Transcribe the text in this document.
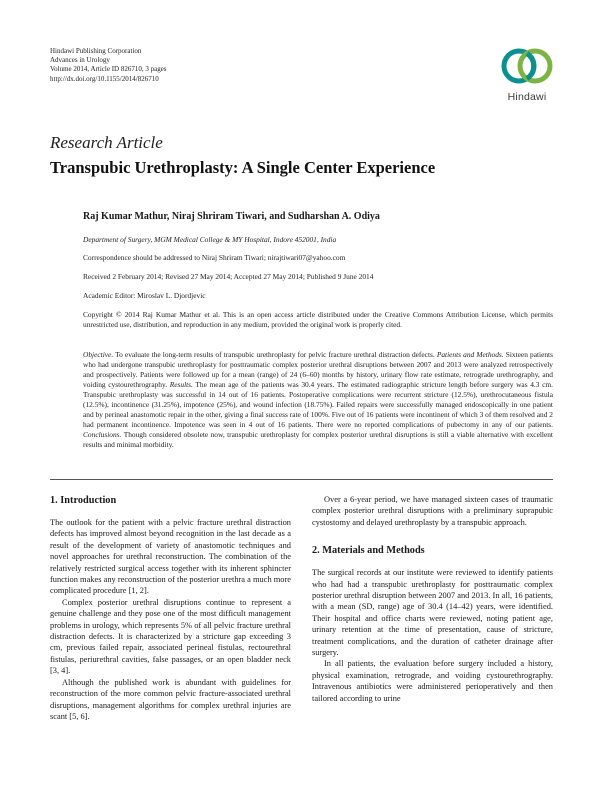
Hindawi Publishing Corporation
Advances in Urology
Volume 2014, Article ID 826710, 3 pages
http://dx.doi.org/10.1155/2014/826710
Hindawi
Research Article
Transpubic Urethroplasty: A Single Center Experience
Raj Kumar Mathur, Niraj Shriram Tiwari, and Sudharshan A. Odiya
Department of Surgery, MGM Medical College & MY Hospital, Indore 452001, India
Correspondence should be addressed to Niraj Shriram Tiwari; nirajtiwari07@yahoo.com
Received 2 February 2014; Revised 27 May 2014; Accepted 27 May 2014; Published 9 June 2014
Academic Editor: Miroslav L. Djordjevic
Copyright © 2014 Raj Kumar Mathur et al. This is an open access article distributed under the Creative Commons Attribution License, which permits unrestricted use, distribution, and reproduction in any medium, provided the original work is properly cited.
Objective. To evaluate the long-term results of transpubic urethroplasty for pelvic fracture urethral distraction defects. Patients and Methods. Sixteen patients who had undergone transpubic urethroplasty for posttraumatic complex posterior urethral disruptions between 2007 and 2013 were analyzed retrospectively and prospectively. Patients were followed up for a mean (range) of 24 (6–60) months by history, urinary flow rate estimate, retrograde urethrography, and voiding cystourethrography. Results. The mean age of the patients was 30.4 years. The estimated radiographic stricture length before surgery was 4.3 cm. Transpubic urethroplasty was successful in 14 out of 16 patients. Postoperative complications were recurrent stricture (12.5%), urethrocutaneous fistula (12.5%), incontinence (31.25%), impotence (25%), and wound infection (18.75%). Failed repairs were successfully managed endoscopically in one patient and by perineal anastomotic repair in the other, giving a final success rate of 100%. Five out of 16 patients were incontinent of which 3 of them resolved and 2 had permanent incontinence. Impotence was seen in 4 out of 16 patients. There were no reported complications of pubectomy in any of our patients. Conclusions. Though considered obsolete now, transpubic urethroplasty for complex posterior urethral disruptions is still a viable alternative with excellent results and minimal morbidity.
1. Introduction

The outlook for the patient with a pelvic fracture urethral distraction defects has improved almost beyond recognition in the last decade as a result of the development of variety of anastomotic techniques and novel approaches for urethral reconstruction. The combination of the relatively restricted surgical access together with its inherent sphincter function makes any reconstruction of the posterior urethra a much more complicated procedure [1, 2].

Complex posterior urethral disruptions continue to represent a genuine challenge and they pose one of the most difficult management problems in urology, which represents 5% of all pelvic fracture urethral distraction defects. It is characterized by a stricture gap exceeding 3 cm, previous failed repair, associated perineal fistulas, rectourethral fistulas, periurethral cavities, false passages, or an open bladder neck [3, 4].

Although the published work is abundant with guidelines for reconstruction of the more common pelvic fracture-associated urethral disruptions, management algorithms for complex urethral injuries are scant [5, 6].

Over a 6-year period, we have managed sixteen cases of traumatic complex posterior urethral disruptions with a preliminary suprapubic cystostomy and delayed urethroplasty by a transpubic approach.

2. Materials and Methods

The surgical records at our institute were reviewed to identify patients who had had a transpubic urethroplasty for posttraumatic complex posterior urethral disruption between 2007 and 2013. In all, 16 patients, with a mean (SD, range) age of 30.4 (14–42) years, were identified. Their hospital and office charts were reviewed, noting patient age, urinary retention at the time of presentation, cause of stricture, treatment complications, and the duration of catheter drainage after surgery.

In all patients, the evaluation before surgery included a history, physical examination, retrograde, and voiding cystourethrography. Intravenous antibiotics were administered perioperatively and then tailored according to urine
